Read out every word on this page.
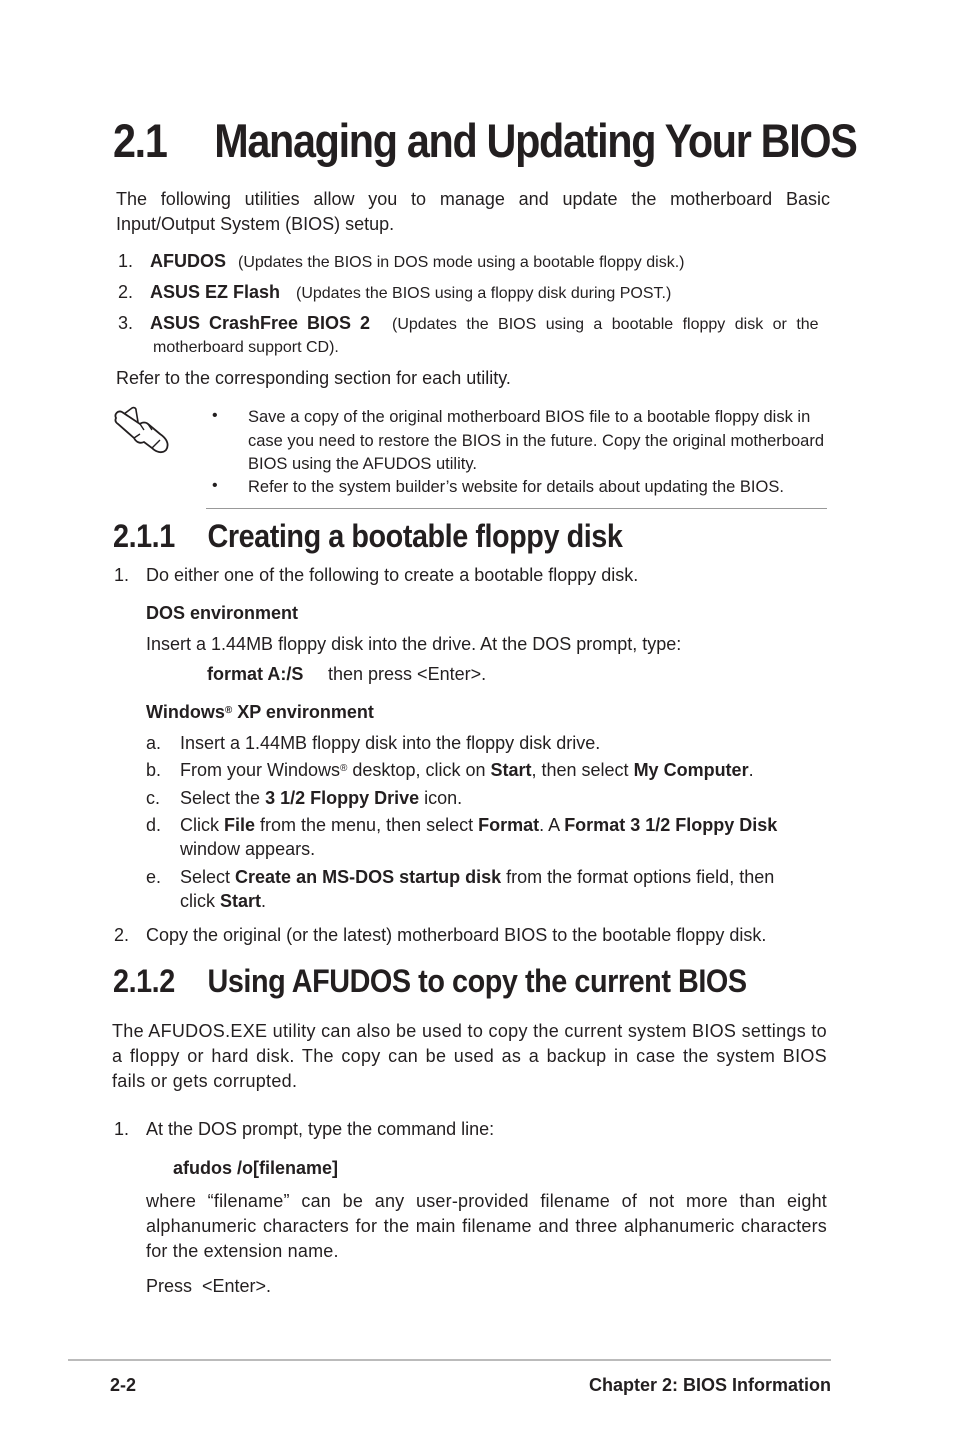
2.1 Managing and Updating Your BIOS
The following utilities allow you to manage and update the motherboard Basic Input/Output System (BIOS) setup.
1. AFUDOS (Updates the BIOS in DOS mode using a bootable floppy disk.)
2. ASUS EZ Flash (Updates the BIOS using a floppy disk during POST.)
3. ASUS CrashFree BIOS 2 (Updates the BIOS using a bootable floppy disk or the
motherboard support CD).
Refer to the corresponding section for each utility.
• Save a copy of the original motherboard BIOS file to a bootable floppy disk in case you need to restore the BIOS in the future. Copy the original motherboard BIOS using the AFUDOS utility.
• Refer to the system builder’s website for details about updating the BIOS.
2.1.1 Creating a bootable floppy disk
1. Do either one of the following to create a bootable floppy disk.
DOS environment
Insert a 1.44MB floppy disk into the drive. At the DOS prompt, type:
format A:/S then press <Enter>.
Windows® XP environment
a. Insert a 1.44MB floppy disk into the floppy disk drive.
b. From your Windows® desktop, click on Start, then select My Computer.
c. Select the 3 1/2 Floppy Drive icon.
d. Click File from the menu, then select Format. A Format 3 1/2 Floppy Disk
window appears.
e. Select Create an MS-DOS startup disk from the format options field, then
click Start.
2. Copy the original (or the latest) motherboard BIOS to the bootable floppy disk.
2.1.2 Using AFUDOS to copy the current BIOS
The AFUDOS.EXE utility can also be used to copy the current system BIOS settings to a floppy or hard disk. The copy can be used as a backup in case the system BIOS fails or gets corrupted.
1. At the DOS prompt, type the command line:
afudos /o[filename]
where “filename” can be any user-provided filename of not more than eight alphanumeric characters for the main filename and three alphanumeric characters for the extension name.
Press  <Enter>.
2-2	Chapter 2: BIOS Information
